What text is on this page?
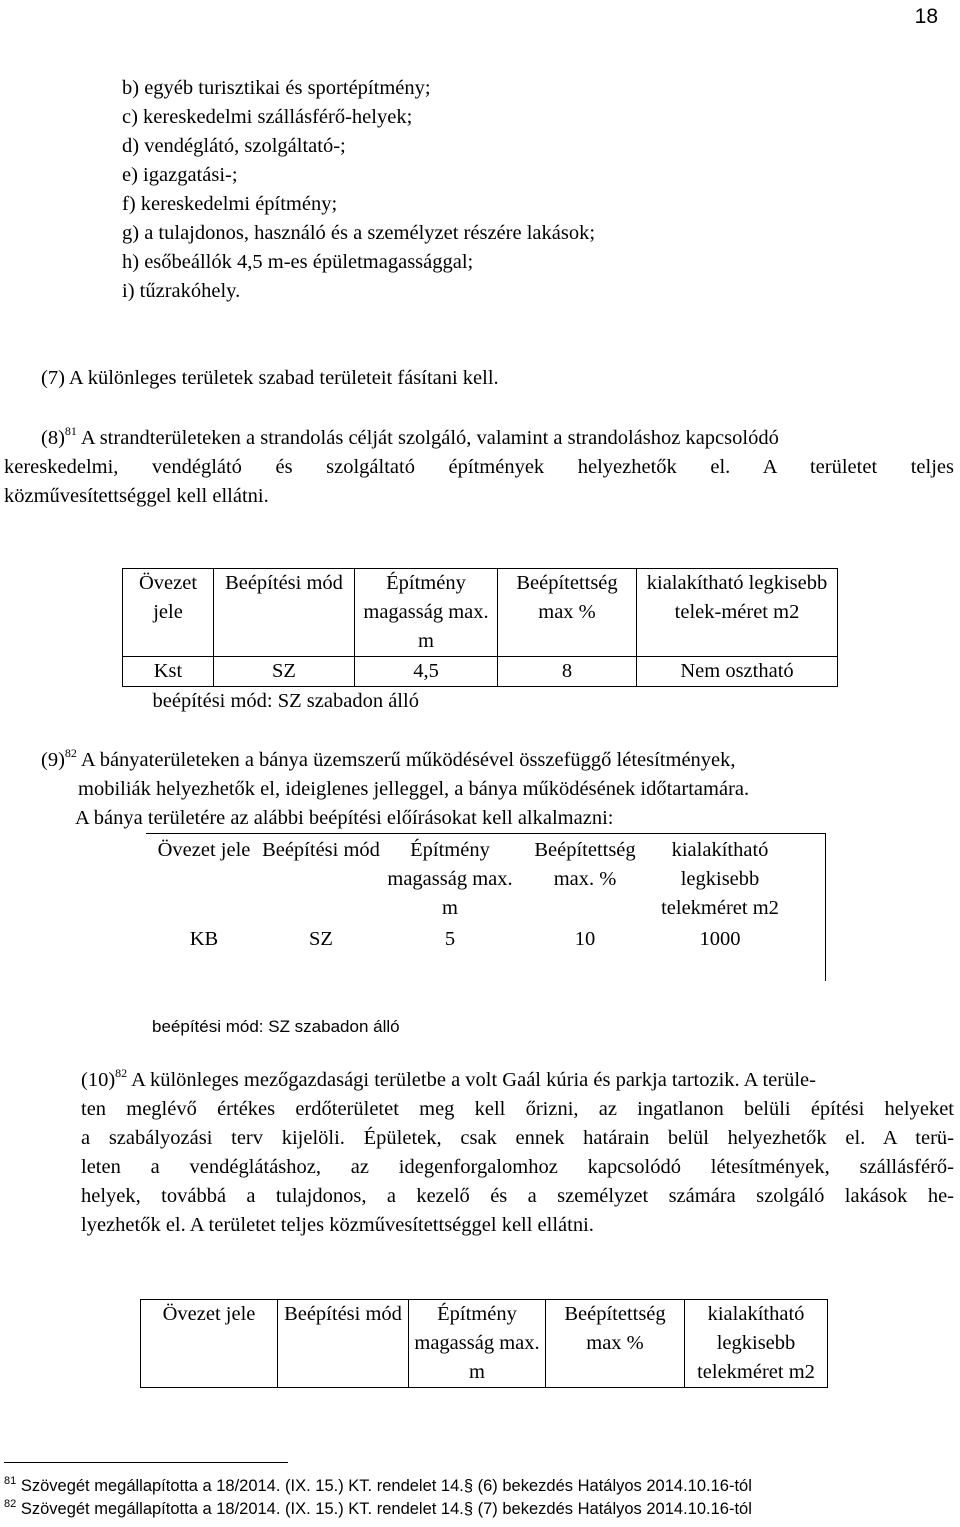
18
b) egyéb turisztikai és sportépítmény;
c) kereskedelmi szállásférő-helyek;
d) vendéglátó, szolgáltató-;
e) igazgatási-;
f) kereskedelmi építmény;
g) a tulajdonos, használó és a személyzet részére lakások;
h) esőbeállók 4,5 m-es épületmagassággal;
i) tűzrakóhely.
(7) A különleges területek szabad területeit fásítani kell.
$(8)^{81}$ A strandterületeken a strandolás célját szolgáló, valamint a strandoláshoz kapcsolódó
kereskedelmi, vendéglátó és szolgáltató építmények helyezhetők el. A területet teljes
közművesítettséggel kell ellátni.
Övezet jele	Beépítési mód	Építmény magasság max. m	Beépítettség max %	kialakítható legkisebb telek-méret m2
Kst	SZ	4,5	8	Nem osztható
beépítési mód: SZ szabadon álló				
$(9)^{82}$ A bányaterületeken a bánya üzemszerű működésével összefüggő létesítmények,
mobiliák helyezhetők el, ideiglenes jelleggel, a bánya működésének időtartamára.
A bánya területére az alábbi beépítési előírásokat kell alkalmazni:
Övezet jele	Beépítési mód	Építmény magasság max. m	Beépítettség max. %	kialakítható legkisebb telekméret m2
KB	SZ	5	10	1000
beépítési mód: SZ szabadon álló
$(10)^{82}$ A különleges mezőgazdasági területbe a volt Gaál kúria és parkja tartozik. A terüle-
ten meglévő értékes erdőterületet meg kell őrizni, az ingatlanon belüli építési helyeket
a szabályozási terv kijelöli. Épületek, csak ennek határain belül helyezhetők el. A terü-
leten a vendéglátáshoz, az idegenforgalomhoz kapcsolódó létesítmények, szállásférő-
helyek, továbbá a tulajdonos, a kezelő és a személyzet számára szolgáló lakások he-
lyezhetők el. A területet teljes közművesítettséggel kell ellátni.
Övezet jele	Beépítési mód	Építmény magasság max. m	Beépítettség max %	kialakítható legkisebb telekméret m2
$^{81}$ Szövegét megállapította a 18/2014. (IX. 15.) KT. rendelet 14.§ (6) bekezdés Hatályos 2014.10.16-tól
$^{82}$ Szövegét megállapította a 18/2014. (IX. 15.) KT. rendelet 14.§ (7) bekezdés Hatályos 2014.10.16-tól
